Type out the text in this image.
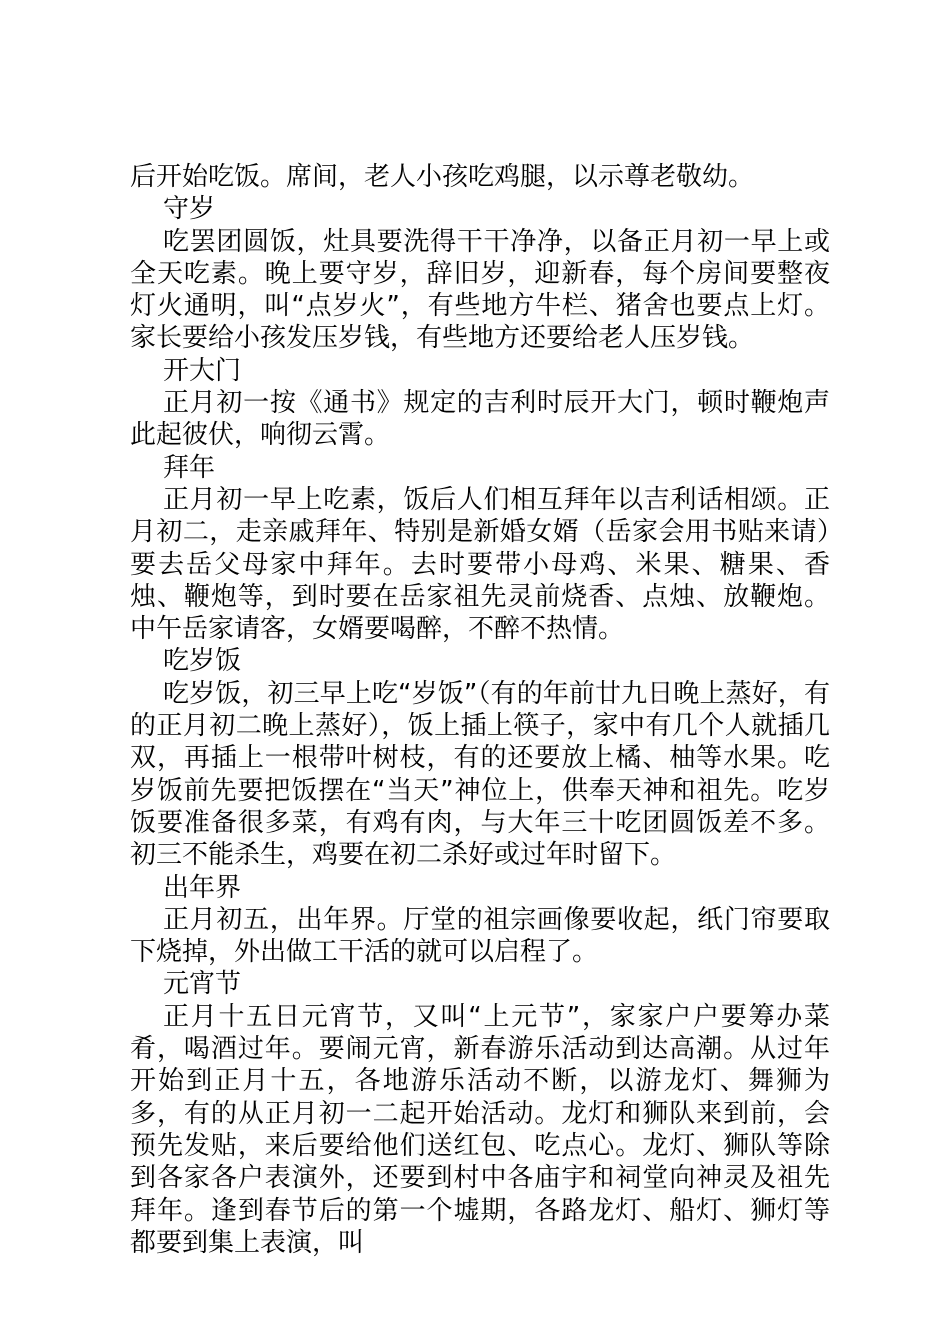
后开始吃饭。席间，老人小孩吃鸡腿，以示尊老敬幼。

守岁

吃罢团圆饭，灶具要洗得干干净净，以备正月初一早上或全天吃素。晚上要守岁，辞旧岁，迎新春，每个房间要整夜灯火通明，叫“点岁火”，有些地方牛栏、猪舍也要点上灯。家长要给小孩发压岁钱，有些地方还要给老人压岁钱。

开大门

正月初一按《通书》规定的吉利时辰开大门，顿时鞭炮声此起彼伏，响彻云霄。

拜年

正月初一早上吃素，饭后人们相互拜年以吉利话相颂。正月初二，走亲戚拜年、特别是新婚女婿（岳家会用书贴来请）要去岳父母家中拜年。去时要带小母鸡、米果、糖果、香烛、鞭炮等，到时要在岳家祖先灵前烧香、点烛、放鞭炮。中午岳家请客，女婿要喝醉，不醉不热情。

吃岁饭

吃岁饭，初三早上吃“岁饭”（有的年前廿九日晚上蒸好，有的正月初二晚上蒸好），饭上插上筷子，家中有几个人就插几双，再插上一根带叶树枝，有的还要放上橘、柚等水果。吃岁饭前先要把饭摆在“当天”神位上，供奉天神和祖先。吃岁饭要准备很多菜，有鸡有肉，与大年三十吃团圆饭差不多。初三不能杀生，鸡要在初二杀好或过年时留下。

出年界

正月初五，出年界。厅堂的祖宗画像要收起，纸门帘要取下烧掉，外出做工干活的就可以启程了。

元宵节

正月十五日元宵节，又叫“上元节”，家家户户要筹办菜肴，喝酒过年。要闹元宵，新春游乐活动到达高潮。从过年开始到正月十五，各地游乐活动不断，以游龙灯、舞狮为多，有的从正月初一二起开始活动。龙灯和狮队来到前，会预先发贴，来后要给他们送红包、吃点心。龙灯、狮队等除到各家各户表演外，还要到村中各庙宇和祠堂向神灵及祖先拜年。逢到春节后的第一个墟期，各路龙灯、船灯、狮灯等都要到集上表演，叫
